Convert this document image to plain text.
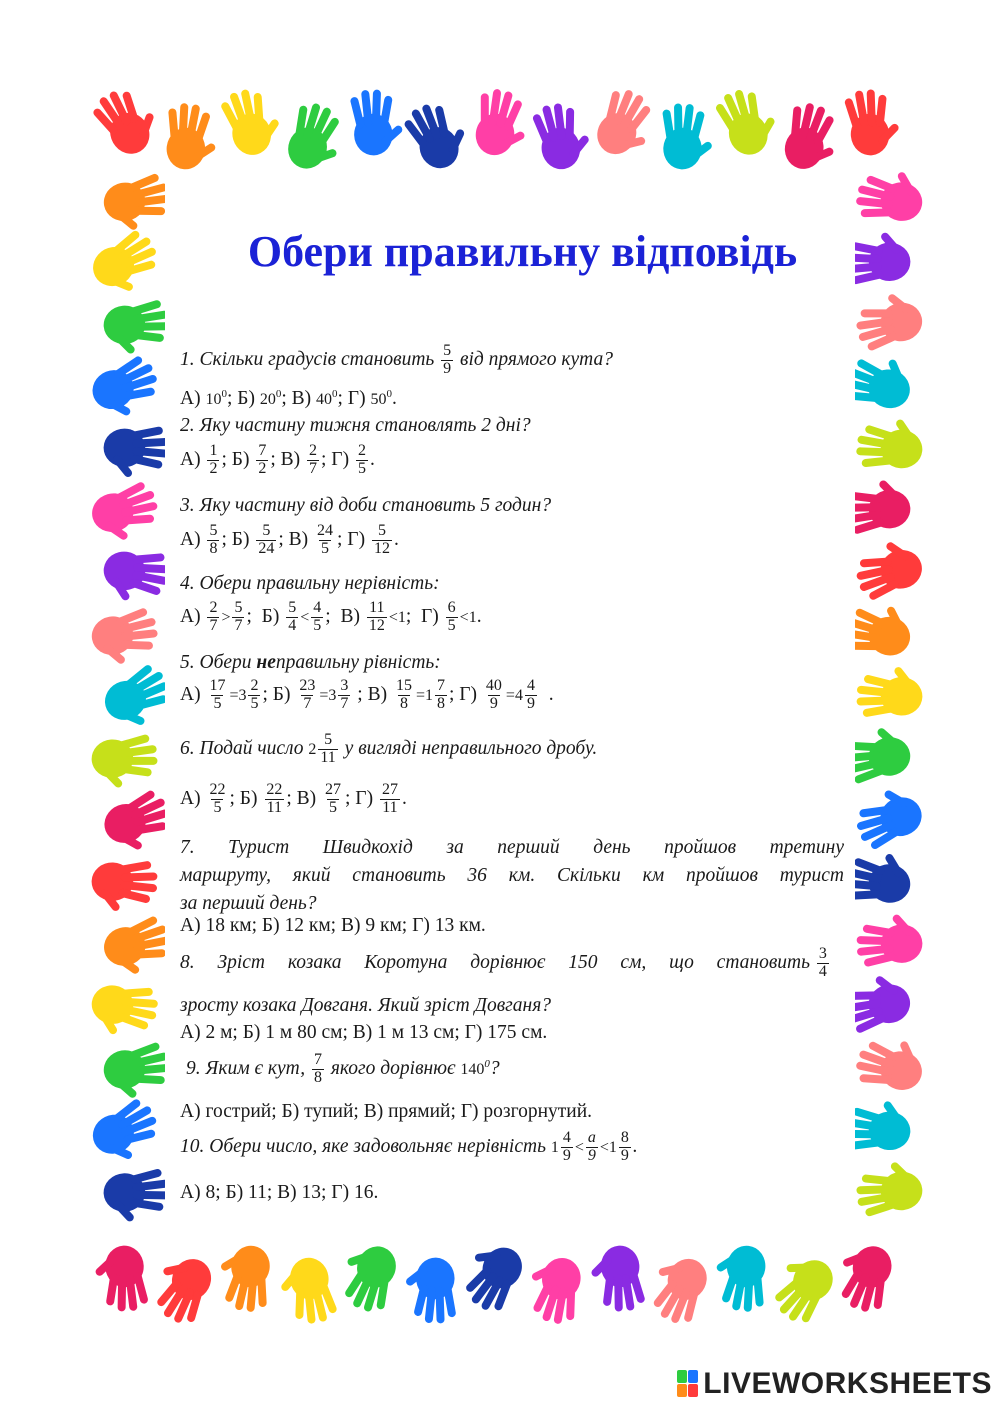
Обери правильну відповідь
1. Скільки градусів становить $\frac{5}{9}$ від прямого кута?
А) $10^0$; Б) $20^0$; В) $40^0$; Г) $50^0$.
2. Яку частину тижня становлять 2 дні?
$А) \frac{1}{2}$ ; $Б) \frac{7}{2}$ ; $В) \frac{2}{7}$ ; $Г) \frac{2}{5}$ .
3. Яку частину від доби становить 5 годин?
$А) \frac{5}{8}$ ; $Б) \frac{5}{24}$ ; $В) \frac{24}{5}$ ; $Г) \frac{5}{12}$ .
4. Обери правильну нерівність:
$А) \frac{2}{7} > \frac{5}{7}$ ;  $Б) \frac{5}{4} < \frac{4}{5}$ ;  $В) \frac{11}{12} <1$;  $Г) \frac{6}{5} <1$.
5. Обери неправильну рівність:
$А) \frac{17}{5} =3 \frac{2}{5}$ ; $Б) \frac{23}{7} =3 \frac{3}{7}$ ; $В) \frac{15}{8} =1 \frac{7}{8}$ ; $Г) \frac{40}{9} =4 \frac{4}{9}$ .
6. Подай число $2 \frac{5}{11}$ у вигляді неправильного дробу.
$А) \frac{22}{5}$ ; $Б) \frac{22}{11}$ ; $В) \frac{27}{5}$ ; $Г) \frac{27}{11}$ .
7. Турист Швидкохід за перший день пройшов третину
маршруту, який становить 36 км. Скільки км пройшов турист
за перший день?
А) 18 км; Б) 12 км; В) 9 км; Г) 13 км.
8. Зріст козака Коротуна дорівнює 150 см, що становить $\frac{3}{4}$
зросту козака Довганя. Який зріст Довганя?
А) 2 м; Б) 1 м 80 см; В) 1 м 13 см; Г) 175 см.
9. Яким є кут, $\frac{7}{8}$ якого дорівнює $140^0$?
А) гострий; Б) тупий; В) прямий; Г) розгорнутий.
10. Обери число, яке задовольняє нерівність $1 \frac{4}{9} < \frac{a}{9} <1 \frac{8}{9}$ .
А) 8; Б) 11; В) 13; Г) 16.
LIVEWORKSHEETS
